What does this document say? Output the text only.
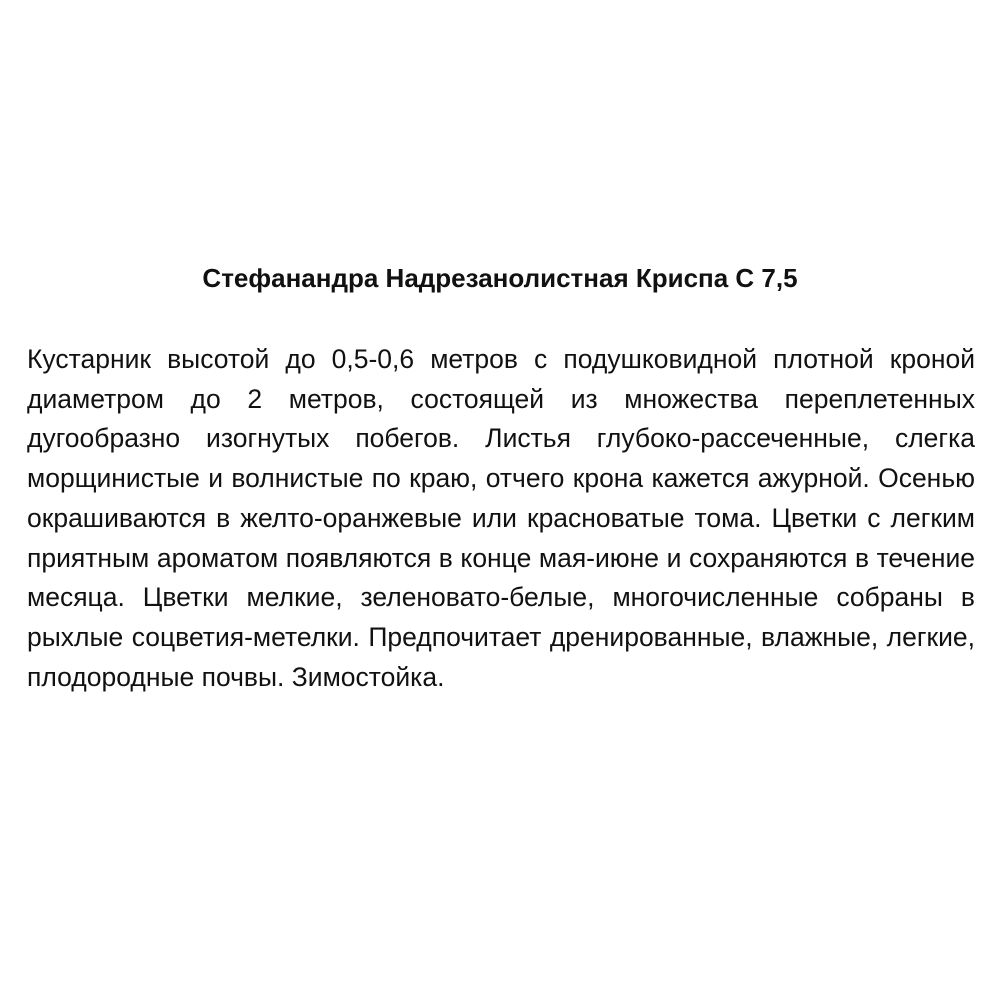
Стефанандра Надрезанолистная Криспа С 7,5

Кустарник высотой до 0,5-0,6 метров с подушковидной плотной кроной диаметром до 2 метров, состоящей из множества переплетенных дугообразно изогнутых побегов. Листья глубоко-рассеченные, слегка морщинистые и волнистые по краю, отчего крона кажется ажурной. Осенью окрашиваются в желто-оранжевые или красноватые тома. Цветки с легким приятным ароматом появляются в конце мая-июне и сохраняются в течение месяца. Цветки мелкие, зеленовато-белые, многочисленные собраны в рыхлые соцветия-метелки. Предпочитает дренированные, влажные, легкие, плодородные почвы. Зимостойка.
